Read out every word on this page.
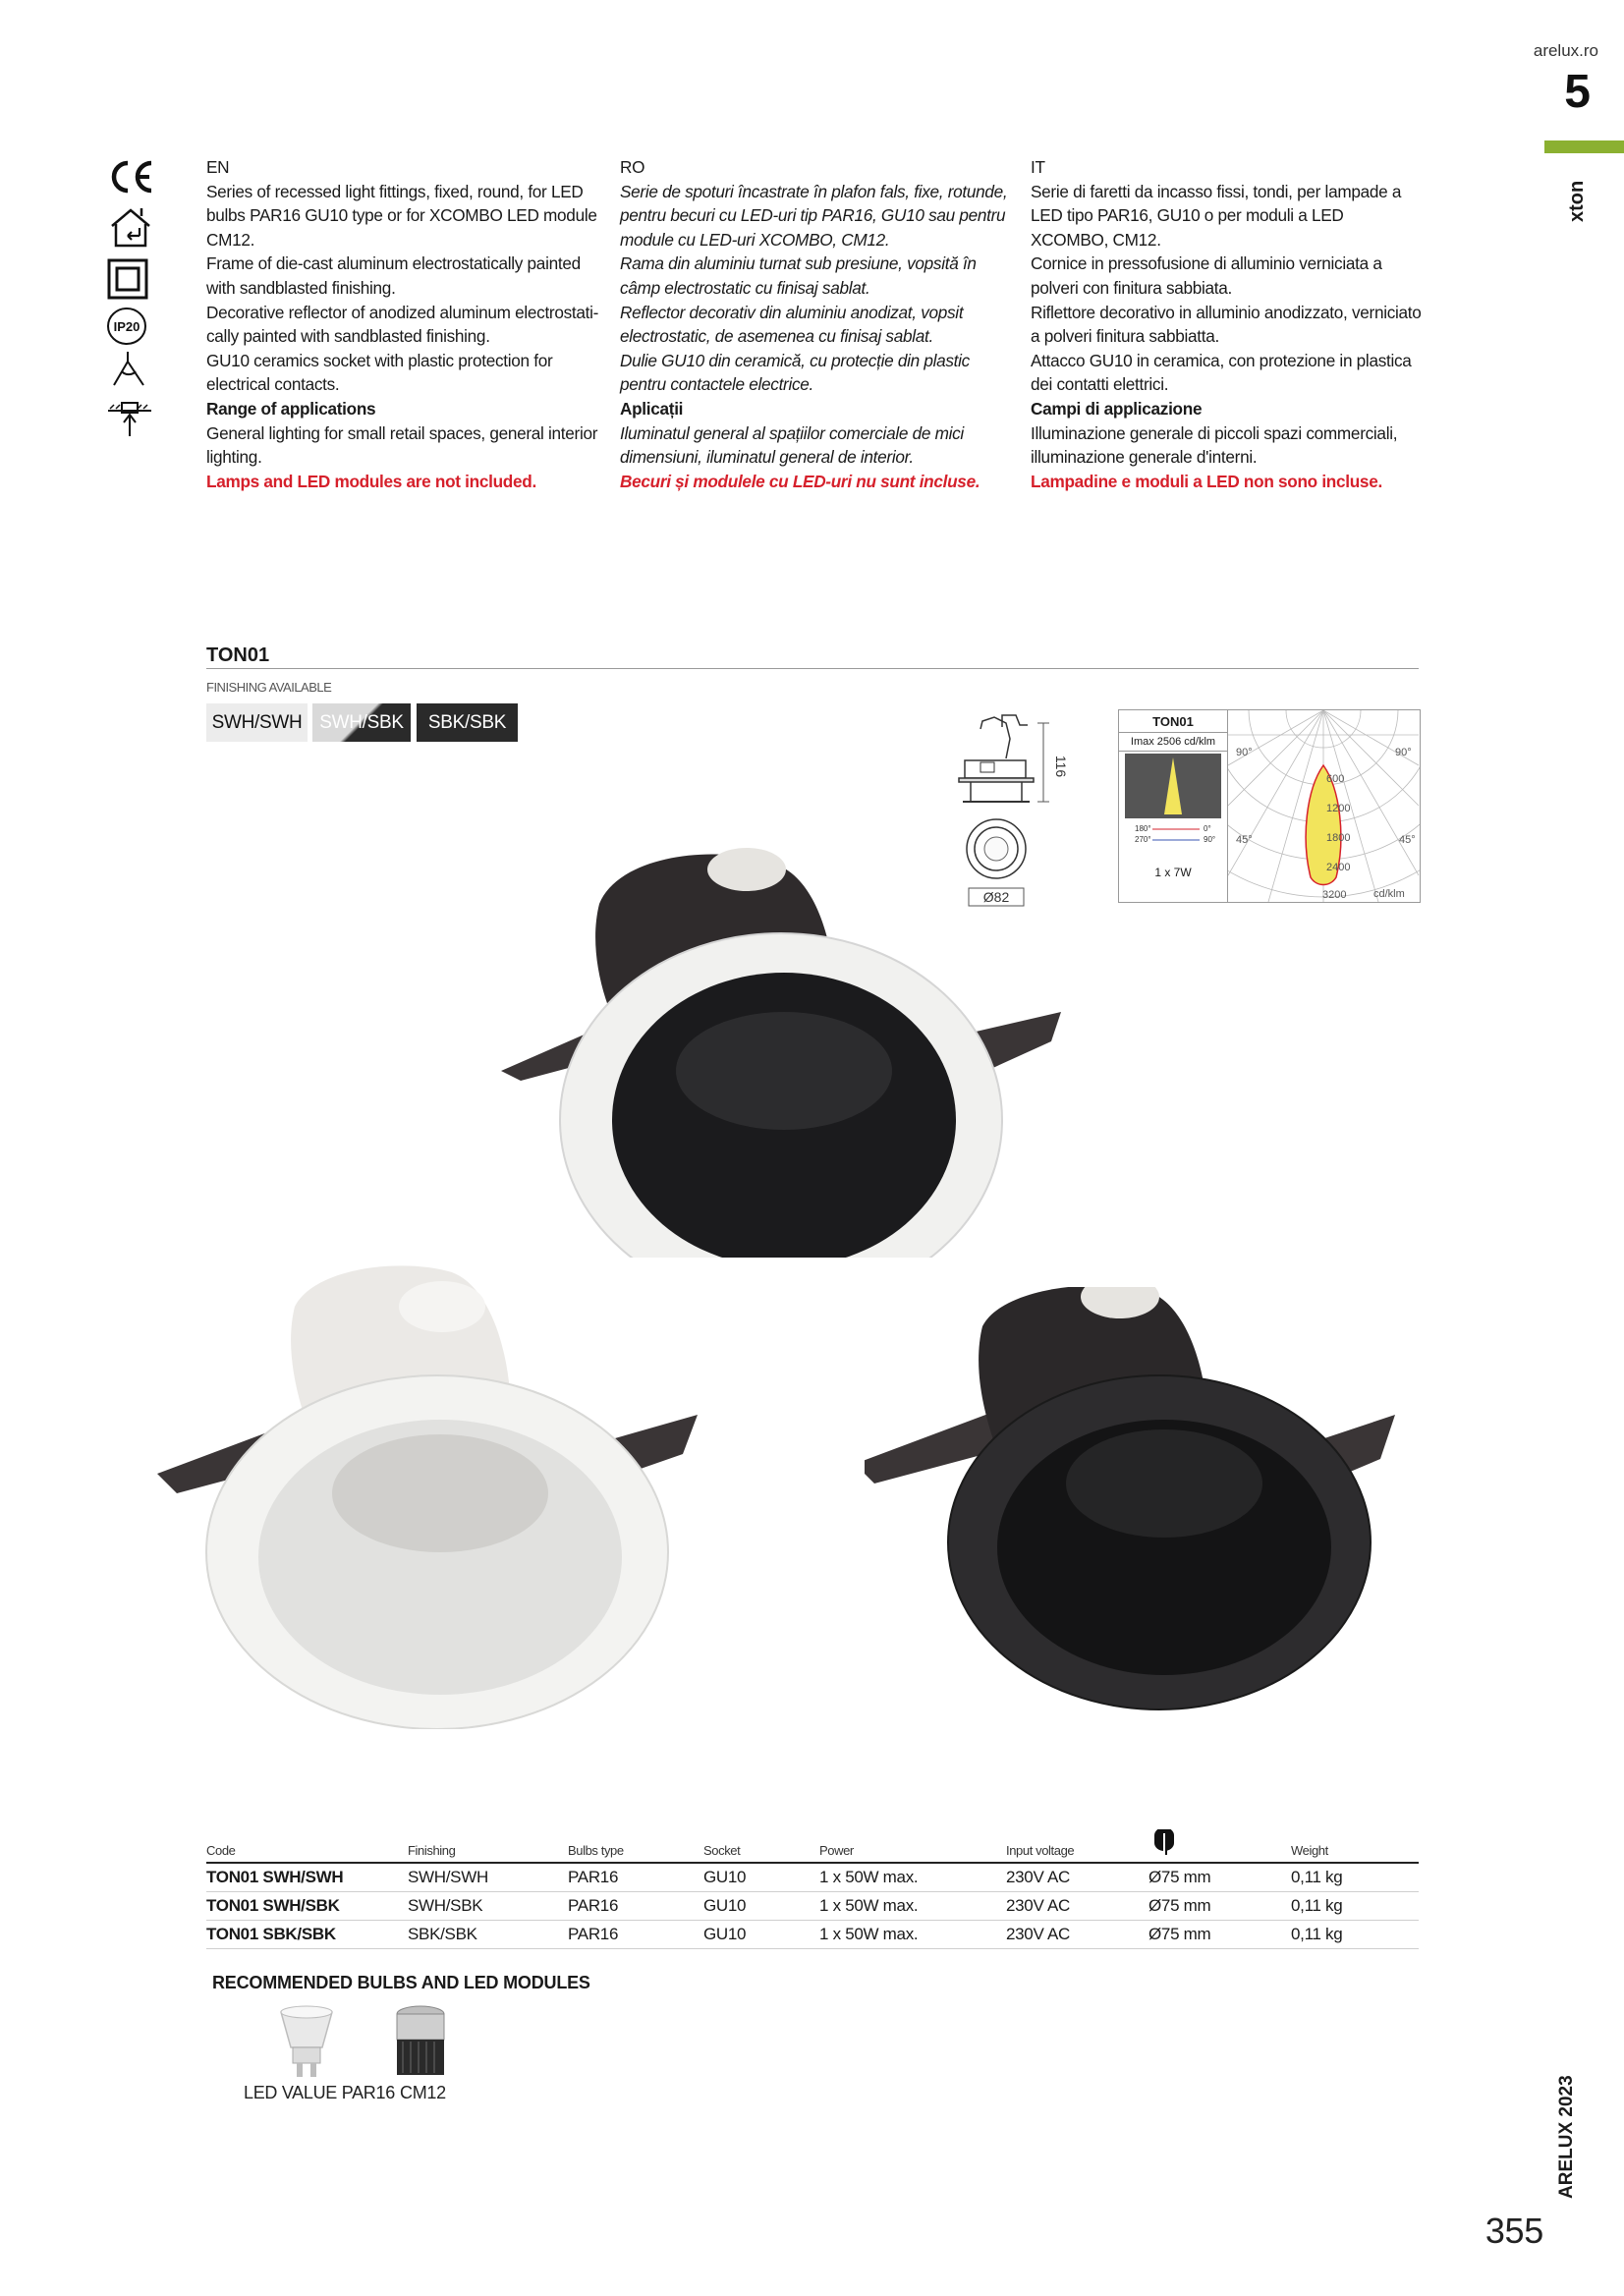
arelux.ro
5
xton
IP20

EN

Series of recessed light fittings, fixed, round, for LED bulbs PAR16 GU10 type or for XCOMBO LED module CM12.

Frame of die-cast aluminum electrostatically painted with sandblasted finishing.

Decorative reflector of anodized aluminum electrostati-cally painted with sandblasted finishing.

GU10 ceramics socket with plastic protection for electrical contacts.

Range of applications

General lighting for small retail spaces, general interior lighting.

Lamps and LED modules are not included.

RO

Serie de spoturi încastrate în plafon fals, fixe, rotunde, pentru becuri cu LED-uri tip PAR16, GU10 sau pentru module cu LED-uri XCOMBO, CM12.

Rama din aluminiu turnat sub presiune, vopsită în câmp electrostatic cu finisaj sablat.

Reflector decorativ din aluminiu anodizat, vopsit electrostatic, de asemenea cu finisaj sablat.

Dulie GU10 din ceramică, cu protecție din plastic pentru contactele electrice.

Aplicații

Iluminatul general al spațiilor comerciale de mici dimensiuni, iluminatul general de interior.

Becuri și modulele cu LED-uri nu sunt incluse.

IT

Serie di faretti da incasso fissi, tondi, per lampade a LED tipo PAR16, GU10 o per moduli a LED XCOMBO, CM12.

Cornice in pressofusione di alluminio verniciata a polveri con finitura sabbiata.

Riflettore decorativo in alluminio anodizzato, verniciato a polveri finitura sabbiatta.

Attacco GU10 in ceramica, con protezione in plastica dei contatti elettrici.

Campi di applicazione

Illuminazione generale di piccoli spazi commerciali, illuminazione generale d'interni.

Lampadine e moduli a LED non sono incluse.

TON01
FINISHING AVAILABLE
SWH/SWH SWH/SBK	SBK/SBK
116
Ø82
TON01
Imax 2506 cd/klm
180°	0°
270°	90°
1 x 7W
90°	90°
45°	45°
600
1200
1800
2400
3200	cd/klm
Code	Finishing	Bulbs type	Socket	Power	Input voltage		Weight
TON01 SWH/SWH	SWH/SWH	PAR16	GU10	1 x 50W max.	230V AC	Ø75 mm	0,11 kg
TON01 SWH/SBK	SWH/SBK	PAR16	GU10	1 x 50W max.	230V AC	Ø75 mm	0,11 kg
TON01 SBK/SBK	SBK/SBK	PAR16	GU10	1 x 50W max.	230V AC	Ø75 mm	0,11 kg
RECOMMENDED BULBS AND LED MODULES
LED VALUE PAR16 CM12	ARELUX 2023
355
